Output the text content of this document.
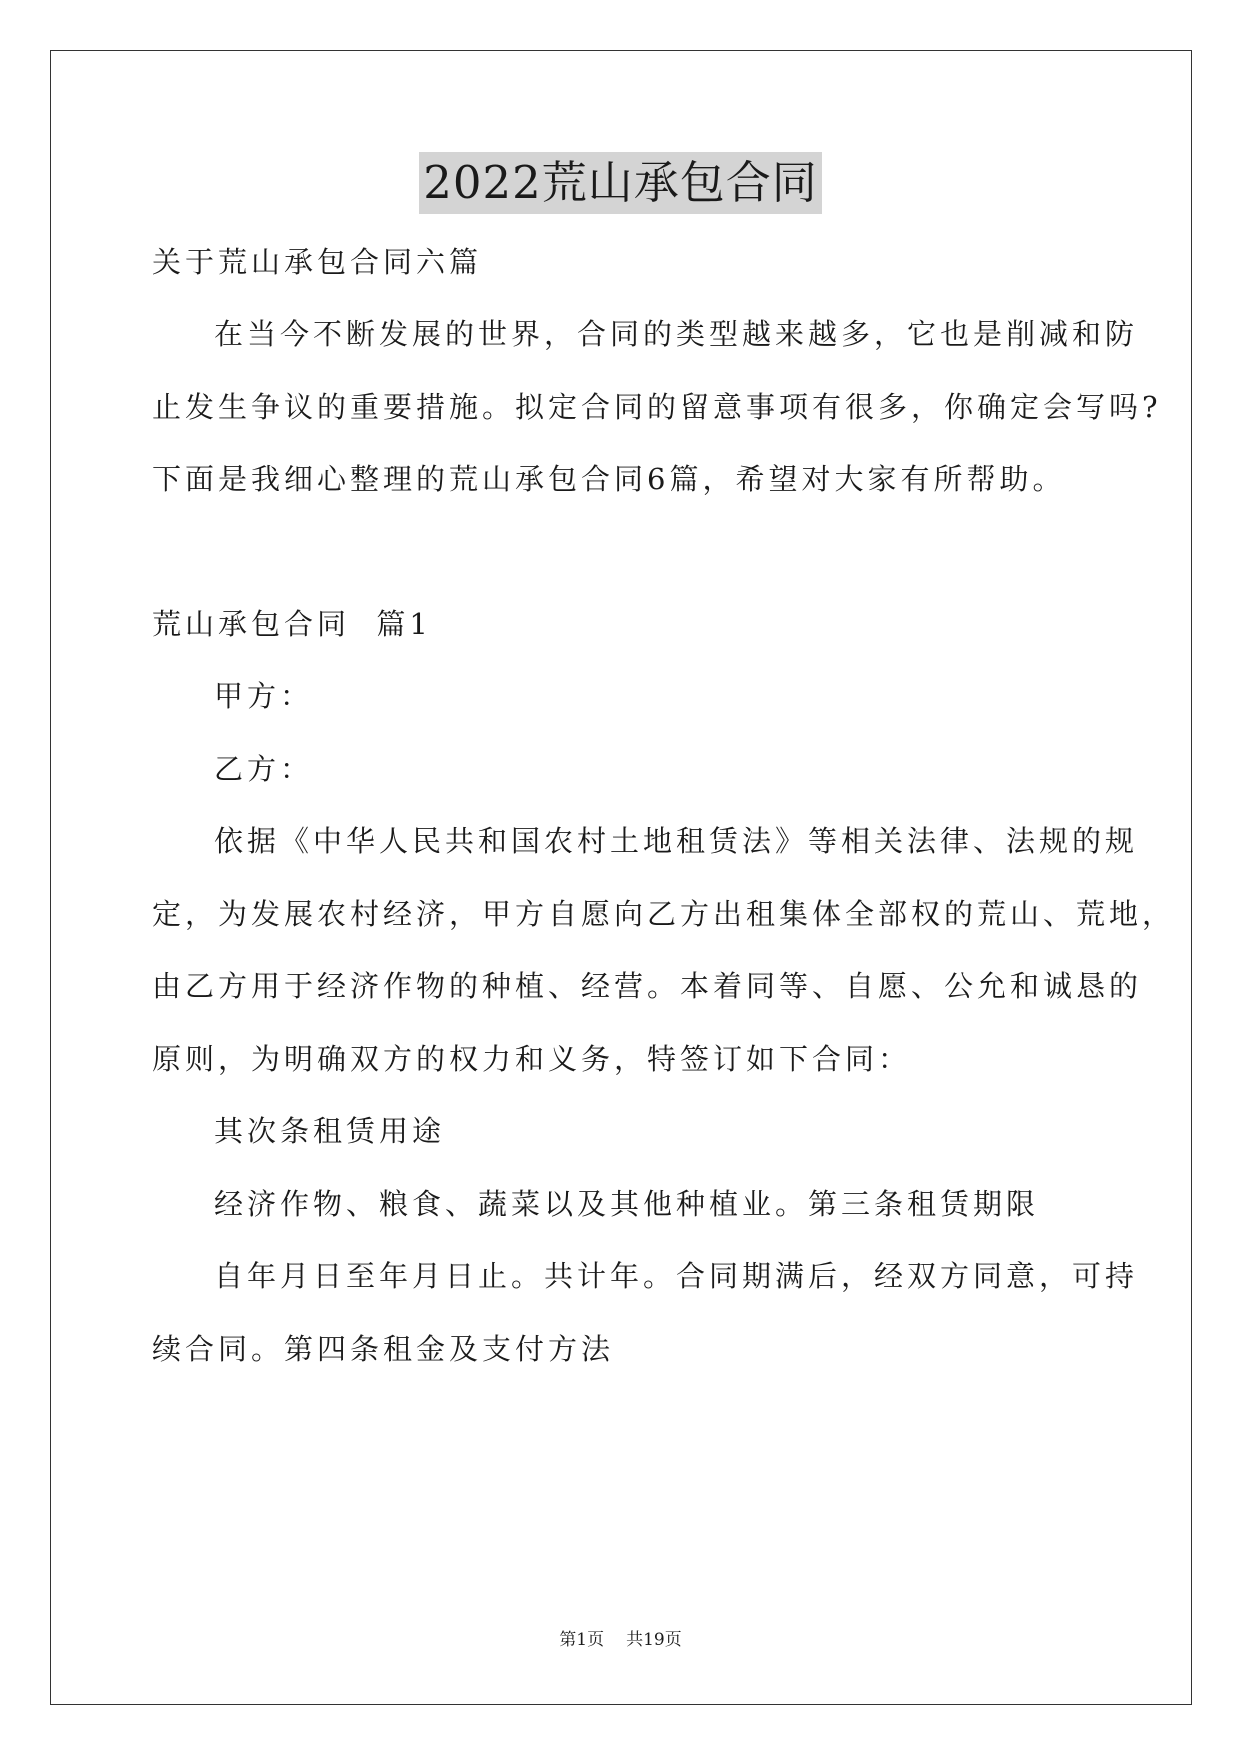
2022荒山承包合同
关于荒山承包合同六篇
在当今不断发展的世界，合同的类型越来越多，它也是削减和防
止发生争议的重要措施。拟定合同的留意事项有很多，你确定会写吗?
下面是我细心整理的荒山承包合同6篇，希望对大家有所帮助。
荒山承包合同  篇1
甲方：
乙方：
依据《中华人民共和国农村土地租赁法》等相关法律、法规的规
定，为发展农村经济，甲方自愿向乙方出租集体全部权的荒山、荒地，
由乙方用于经济作物的种植、经营。本着同等、自愿、公允和诚恳的
原则，为明确双方的权力和义务，特签订如下合同：
其次条租赁用途
经济作物、粮食、蔬菜以及其他种植业。第三条租赁期限
自年月日至年月日止。共计年。合同期满后，经双方同意，可持
续合同。第四条租金及支付方法
第1页 共19页
